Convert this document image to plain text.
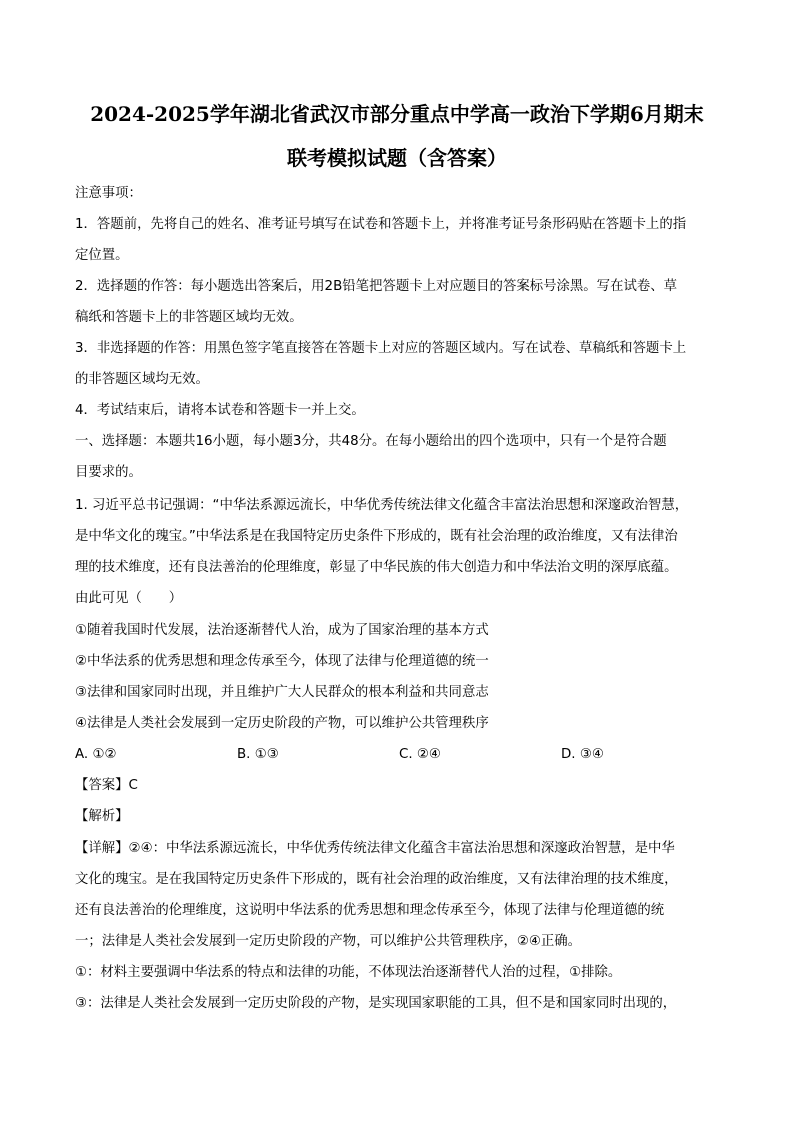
2024-2025学年湖北省武汉市部分重点中学高一政治下学期6月期末
联考模拟试题（含答案）
注意事项：
1．答题前，先将自己的姓名、准考证号填写在试卷和答题卡上，并将准考证号条形码贴在答题卡上的指
定位置。
2．选择题的作答：每小题选出答案后，用2B铅笔把答题卡上对应题目的答案标号涂黑。写在试卷、草
稿纸和答题卡上的非答题区域均无效。
3．非选择题的作答：用黑色签字笔直接答在答题卡上对应的答题区域内。写在试卷、草稿纸和答题卡上
的非答题区域均无效。
4．考试结束后，请将本试卷和答题卡一并上交。
一、选择题：本题共16小题，每小题3分，共48分。在每小题给出的四个选项中，只有一个是符合题
目要求的。
1. 习近平总书记强调：“中华法系源远流长，中华优秀传统法律文化蕴含丰富法治思想和深邃政治智慧，
是中华文化的瑰宝。”中华法系是在我国特定历史条件下形成的，既有社会治理的政治维度，又有法律治
理的技术维度，还有良法善治的伦理维度，彰显了中华民族的伟大创造力和中华法治文明的深厚底蕴。
由此可见（　　）
①随着我国时代发展，法治逐渐替代人治，成为了国家治理的基本方式
②中华法系的优秀思想和理念传承至今，体现了法律与伦理道德的统一
③法律和国家同时出现，并且维护广大人民群众的根本利益和共同意志
④法律是人类社会发展到一定历史阶段的产物，可以维护公共管理秩序
A. ①②	B. ①③	C. ②④	D. ③④
【答案】C
【解析】
【详解】②④：中华法系源远流长，中华优秀传统法律文化蕴含丰富法治思想和深邃政治智慧，是中华
文化的瑰宝。是在我国特定历史条件下形成的，既有社会治理的政治维度，又有法律治理的技术维度，
还有良法善治的伦理维度，这说明中华法系的优秀思想和理念传承至今，体现了法律与伦理道德的统
一；法律是人类社会发展到一定历史阶段的产物，可以维护公共管理秩序，②④正确。
①：材料主要强调中华法系的特点和法律的功能，不体现法治逐渐替代人治的过程，①排除。
③：法律是人类社会发展到一定历史阶段的产物，是实现国家职能的工具，但不是和国家同时出现的，
